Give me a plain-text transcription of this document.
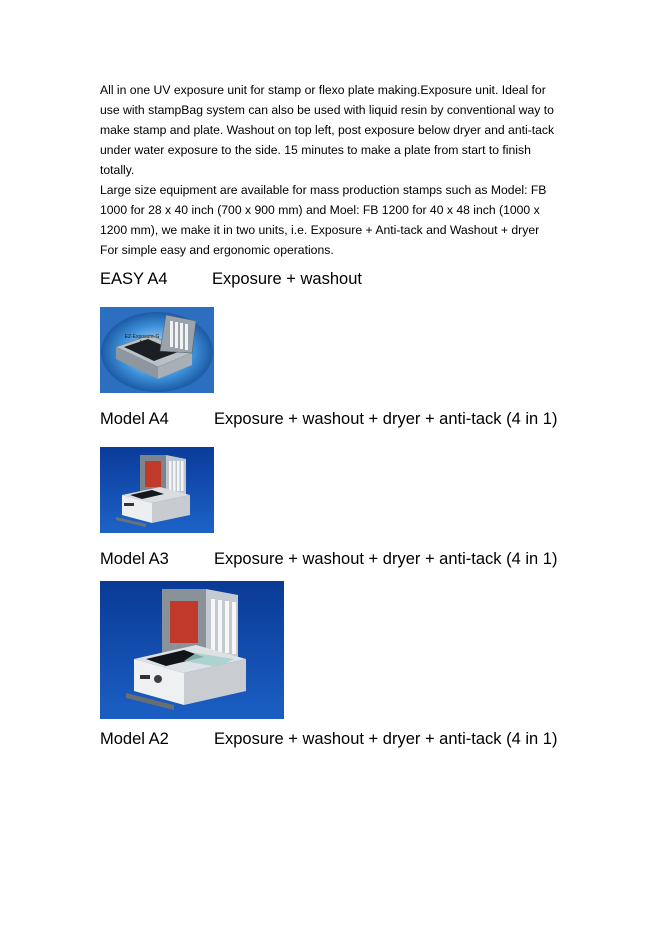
All in one UV exposure unit for stamp or flexo plate making.Exposure unit. Ideal for
use with stampBag system can also be used with liquid resin by conventional way to
make stamp and plate. Washout on top left, post exposure below dryer and anti-tack
under water exposure to the side. 15 minutes to make a plate from start to finish
totally.
Large size equipment are available for mass production stamps such as Model: FB
1000 for 28 x 40 inch (700 x 900 mm) and Moel: FB 1200 for 40 x 48 inch (1000 x
1200 mm), we make it in two units, i.e. Exposure + Anti-tack and Washout + dryer
For simple easy and ergonomic operations.
EASY A4	Exposure + washout
EZ-Exposure-G
A4
Model A4	Exposure + washout + dryer + anti-tack (4 in 1)
Model A3	Exposure + washout + dryer + anti-tack (4 in 1)
Model A2	Exposure + washout + dryer + anti-tack (4 in 1)
